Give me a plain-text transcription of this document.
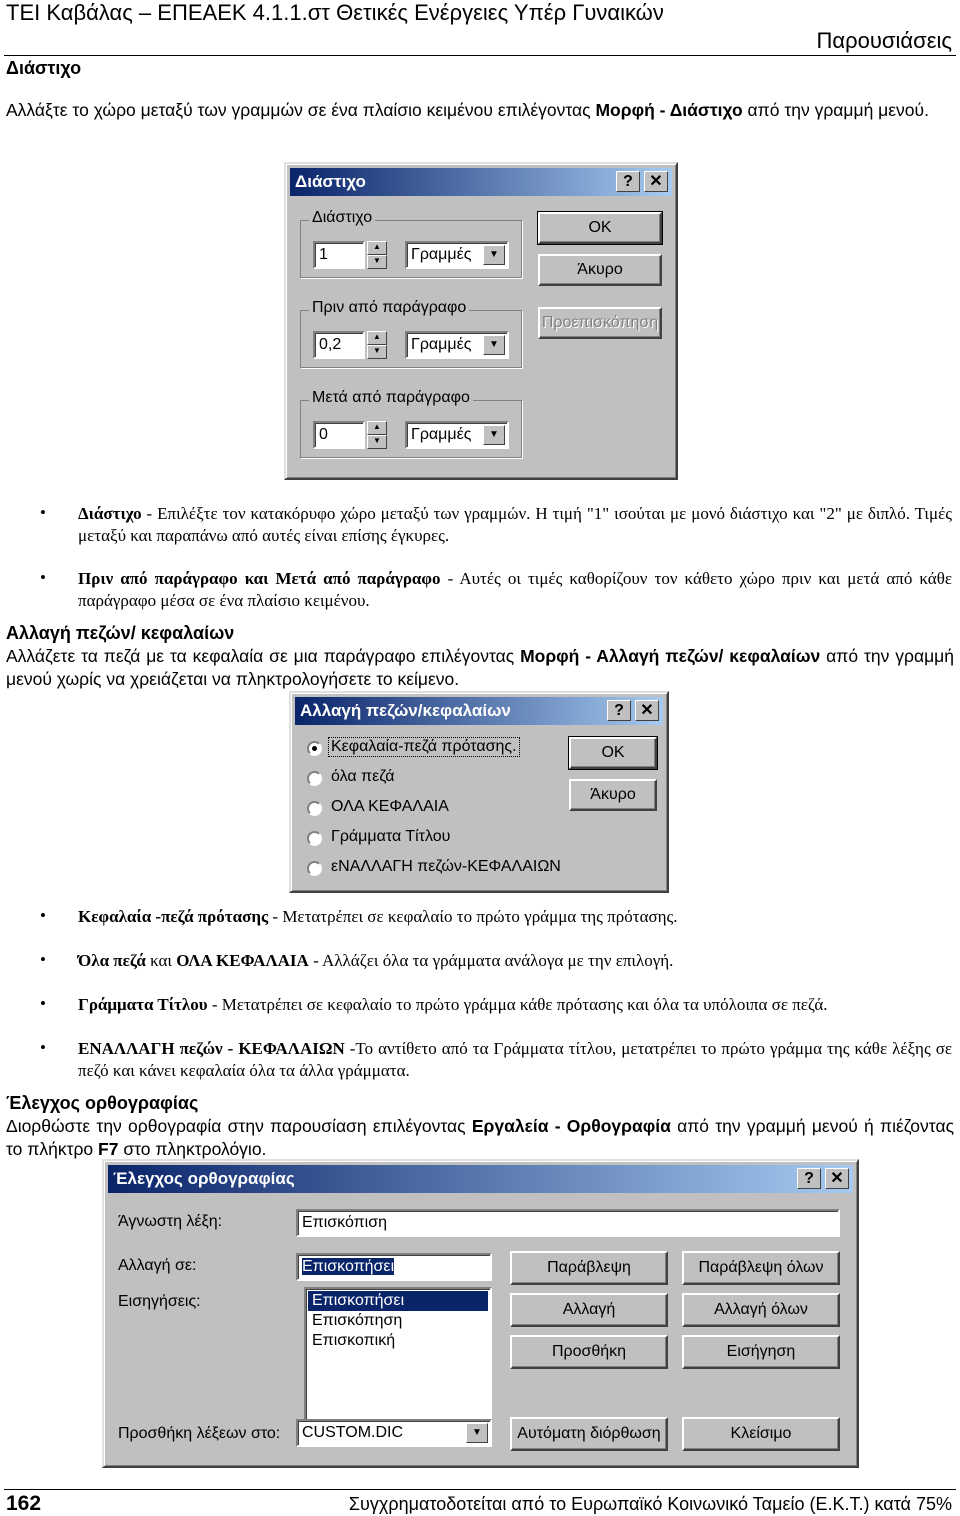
ΤΕΙ Καβάλας – ΕΠΕΑΕΚ 4.1.1.στ Θετικές Ενέργειες Υπέρ Γυναικών
Παρουσιάσεις
Διάστιχο
Αλλάξτε το χώρο μεταξύ των γραμμών σε ένα πλαίσιο κειμένου επιλέγοντας Μορφή - Διάστιχο από την γραμμή μενού.
Διάστιχο	?	✕
Διάστιχο
1	▲
▼	Γραμμές	▼
Πριν από παράγραφο
0,2	▲
▼	Γραμμές	▼
Μετά από παράγραφο
0	▲
▼	Γραμμές	▼
OK
Άκυρο
Προεπισκόπηση
• Διάστιχο - Επιλέξτε τον κατακόρυφο χώρο μεταξύ των γραμμών. Η τιμή "1" ισούται με μονό διάστιχο και "2" με διπλό. Τιμές μεταξύ και παραπάνω από αυτές είναι επίσης έγκυρες.
• Πριν από παράγραφο και Μετά από παράγραφο - Αυτές οι τιμές καθορίζουν τον κάθετο χώρο πριν και μετά από κάθε παράγραφο μέσα σε ένα πλαίσιο κειμένου.
Αλλαγή πεζών/ κεφαλαίων
Αλλάζετε τα πεζά με τα κεφαλαία σε μια παράγραφο επιλέγοντας Μορφή - Αλλαγή πεζών/ κεφαλαίων από την γραμμή μενού χωρίς να χρειάζεται να πληκτρολογήσετε το κείμενο.
Αλλαγή πεζών/κεφαλαίων	?	✕
Κεφαλαία-πεζά πρότασης.
όλα πεζά
ΟΛΑ ΚΕΦΑΛΑΙΑ
Γράμματα Τίτλου
εΝΑΛΛΑΓΗ πεζών-ΚΕΦΑΛΑΙΩΝ
OK
Άκυρο
• Κεφαλαία -πεζά πρότασης - Μετατρέπει σε κεφαλαίο το πρώτο γράμμα της πρότασης.
• Όλα πεζά και ΟΛΑ ΚΕΦΑΛΑΙΑ - Αλλάζει όλα τα γράμματα ανάλογα με την επιλογή.
• Γράμματα Τίτλου - Μετατρέπει σε κεφαλαίο το πρώτο γράμμα κάθε πρότασης και όλα τα υπόλοιπα σε πεζά.
• ΕΝΑΛΛΑΓΗ πεζών - ΚΕΦΑΛΑΙΩΝ -Το αντίθετο από τα Γράμματα τίτλου, μετατρέπει το πρώτο γράμμα της κάθε λέξης σε πεζό και κάνει κεφαλαία όλα τα άλλα γράμματα.
Έλεγχος ορθογραφίας
Διορθώστε την ορθογραφία στην παρουσίαση επιλέγοντας Εργαλεία - Ορθογραφία από την γραμμή μενού ή πιέζοντας το πλήκτρο F7 στο πληκτρολόγιο.
Έλεγχος ορθογραφίας	?	✕
Άγνωστη λέξη:	Επισκόπιση
Αλλαγή σε:	Επισκοπήσει
Εισηγήσεις:	Επισκοπήσει
Επισκόπηση
Επισκοπική
Παράβλεψη	Παράβλεψη όλων
Αλλαγή	Αλλαγή όλων
Προσθήκη	Εισήγηση
Προσθήκη λέξεων στο:	CUSTOM.DIC	▼	Αυτόματη διόρθωση	Κλείσιμο
162	Συγχρηματοδοτείται από το Ευρωπαϊκό Κοινωνικό Ταμείο (Ε.Κ.Τ.) κατά 75%
